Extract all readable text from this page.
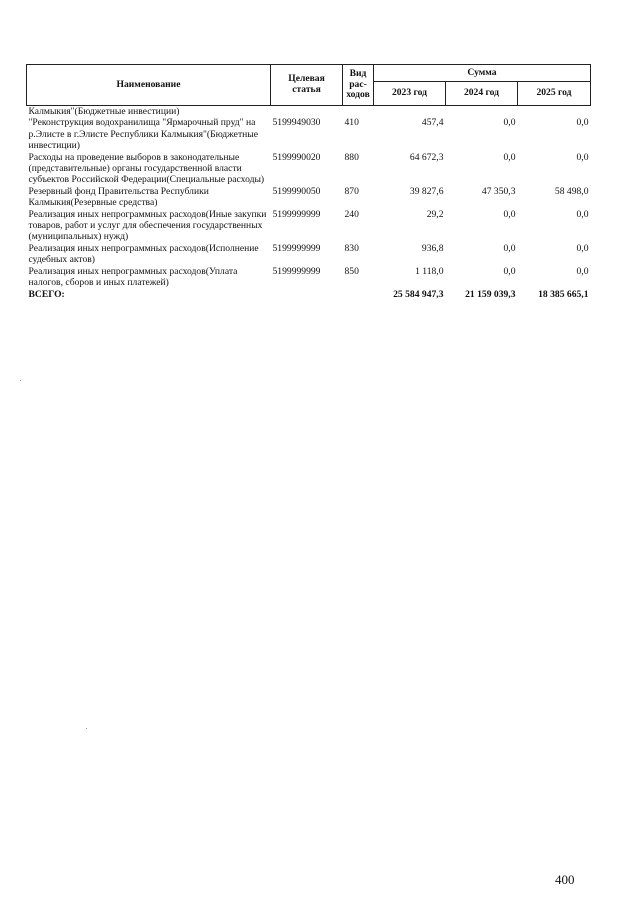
Наименование	Целевая статья	Вид рас-ходов	Сумма		
			2023 год	2024 год	2025 год
Калмыкия"(Бюджетные инвестиции)					
"Реконструкция водохранилища "Ярмарочный пруд" на р.Элисте в г.Элисте Республики Калмыкия"(Бюджетные инвестиции)	5199949030	410	457,4	0,0	0,0
Расходы на проведение выборов в законодательные (представительные) органы государственной власти субъектов Российской Федерации(Специальные расходы)	5199990020	880	64 672,3	0,0	0,0
Резервный фонд Правительства Республики Калмыкия(Резервные средства)	5199990050	870	39 827,6	47 350,3	58 498,0
Реализация иных непрограммных расходов(Иные закупки товаров, работ и услуг для обеспечения государственных (муниципальных) нужд)	5199999999	240	29,2	0,0	0,0
Реализация иных непрограммных расходов(Исполнение судебных актов)	5199999999	830	936,8	0,0	0,0
Реализация иных непрограммных расходов(Уплата налогов, сборов и иных платежей)	5199999999	850	1 118,0	0,0	0,0
ВСЕГО:			25 584 947,3	21 159 039,3	18 385 665,1
400
